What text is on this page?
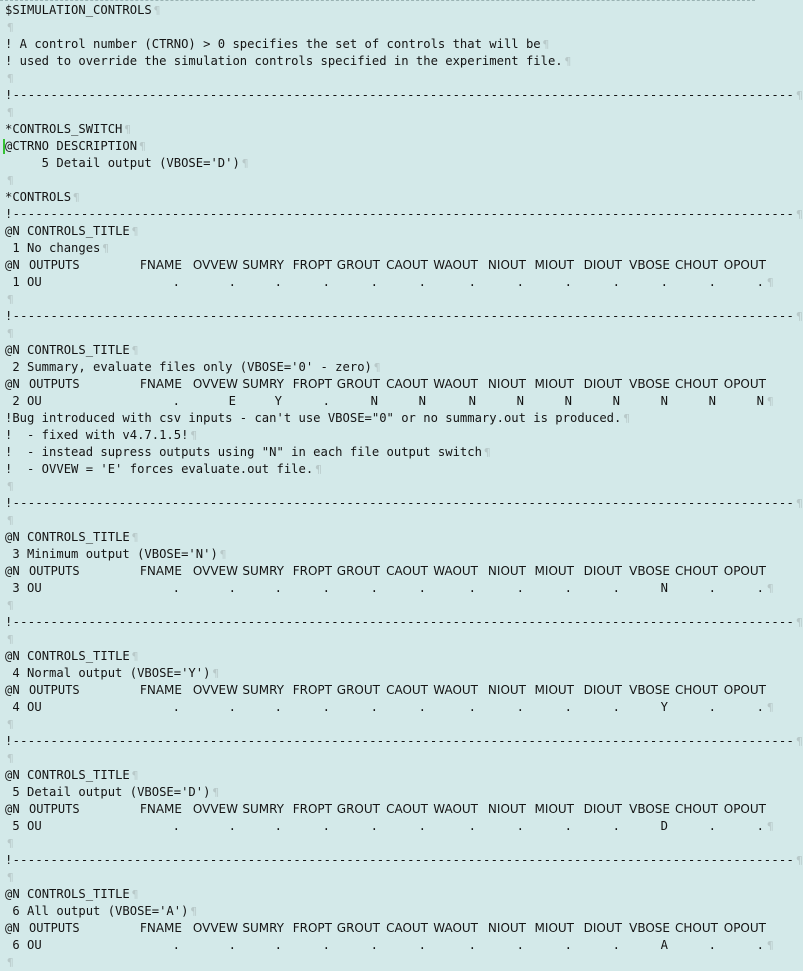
$SIMULATION_CONTROLS ¶
¶
! A control number (CTRNO) > 0 specifies the set of controls that will be ¶
! used to override the simulation controls specified in the experiment file. ¶
¶
!------------------------------------------------------------------------------------------------------- ¶
¶
*CONTROLS_SWITCH ¶
@CTRNO DESCRIPTION ¶
5 Detail output (VBOSE='D') ¶
¶
*CONTROLS ¶
!------------------------------------------------------------------------------------------------------- ¶
@N CONTROLS_TITLE ¶
1 No changes ¶
@N OUTPUTS	FNAME OVVEW SUMRY FROPT GROUT CAOUT WAOUT NIOUT MIOUT DIOUT VBOSE CHOUT OPOUT
1 OU	.	.	.	.	.	.	.	.	.	.	.	.	. ¶
¶
!------------------------------------------------------------------------------------------------------- ¶
¶
@N CONTROLS_TITLE ¶
2 Summary, evaluate files only (VBOSE='0' - zero) ¶
@N OUTPUTS	FNAME OVVEW SUMRY FROPT GROUT CAOUT WAOUT NIOUT MIOUT DIOUT VBOSE CHOUT OPOUT
2 OU	.	E	Y	.	N	N	N	N	N	N	N	N	N ¶
!Bug introduced with csv inputs - can't use VBOSE="0" or no summary.out is produced. ¶
!  - fixed with v4.7.1.5! ¶
!  - instead supress outputs using "N" in each file output switch ¶
!  - OVVEW = 'E' forces evaluate.out file. ¶
¶
!------------------------------------------------------------------------------------------------------- ¶
¶
@N CONTROLS_TITLE ¶
3 Minimum output (VBOSE='N') ¶
@N OUTPUTS	FNAME OVVEW SUMRY FROPT GROUT CAOUT WAOUT NIOUT MIOUT DIOUT VBOSE CHOUT OPOUT
3 OU	.	.	.	.	.	.	.	.	.	.	N	.	. ¶
¶
!------------------------------------------------------------------------------------------------------- ¶
¶
@N CONTROLS_TITLE ¶
4 Normal output (VBOSE='Y') ¶
@N OUTPUTS	FNAME OVVEW SUMRY FROPT GROUT CAOUT WAOUT NIOUT MIOUT DIOUT VBOSE CHOUT OPOUT
4 OU	.	.	.	.	.	.	.	.	.	.	Y	.	. ¶
¶
!------------------------------------------------------------------------------------------------------- ¶
¶
@N CONTROLS_TITLE ¶
5 Detail output (VBOSE='D') ¶
@N OUTPUTS	FNAME OVVEW SUMRY FROPT GROUT CAOUT WAOUT NIOUT MIOUT DIOUT VBOSE CHOUT OPOUT
5 OU	.	.	.	.	.	.	.	.	.	.	D	.	. ¶
¶
!------------------------------------------------------------------------------------------------------- ¶
¶
@N CONTROLS_TITLE ¶
6 All output (VBOSE='A') ¶
@N OUTPUTS	FNAME OVVEW SUMRY FROPT GROUT CAOUT WAOUT NIOUT MIOUT DIOUT VBOSE CHOUT OPOUT
6 OU	.	.	.	.	.	.	.	.	.	.	A	.	. ¶
¶
